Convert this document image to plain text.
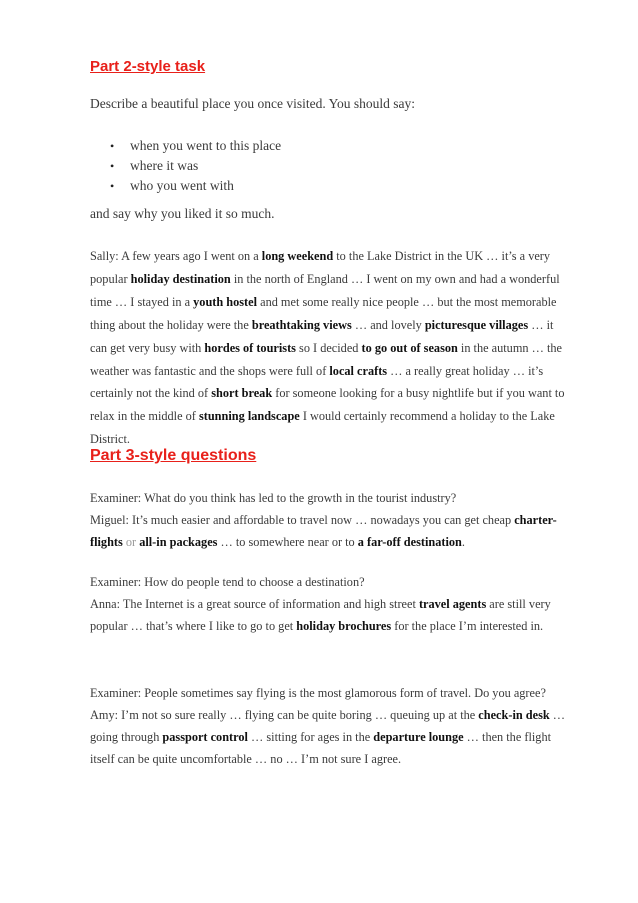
Part 2-style task

Describe a beautiful place you once visited. You should say:

• when you went to this place
• where it was
• who you went with

and say why you liked it so much.

Sally: A few years ago I went on a long weekend to the Lake District in the UK … it’s a very popular holiday destination in the north of England … I went on my own and had a wonderful time … I stayed in a youth hostel and met some really nice people … but the most memorable thing about the holiday were the breathtaking views … and lovely picturesque villages … it can get very busy with hordes of tourists so I decided to go out of season in the autumn … the weather was fantastic and the shops were full of local crafts … a really great holiday … it’s certainly not the kind of short break for someone looking for a busy nightlife but if you want to relax in the middle of stunning landscape I would certainly recommend a holiday to the Lake District.

Part 3-style questions

Examiner: What do you think has led to the growth in the tourist industry?
Miguel: It’s much easier and affordable to travel now … nowadays you can get cheap charter-flights or all-in packages … to somewhere near or to a far-off destination.

Examiner: How do people tend to choose a destination?
Anna: The Internet is a great source of information and high street travel agents are still very popular … that’s where I like to go to get holiday brochures for the place I’m interested in.

Examiner: People sometimes say flying is the most glamorous form of travel. Do you agree?
Amy: I’m not so sure really … flying can be quite boring … queuing up at the check-in desk … going through passport control … sitting for ages in the departure lounge … then the flight itself can be quite uncomfortable … no … I’m not sure I agree.
